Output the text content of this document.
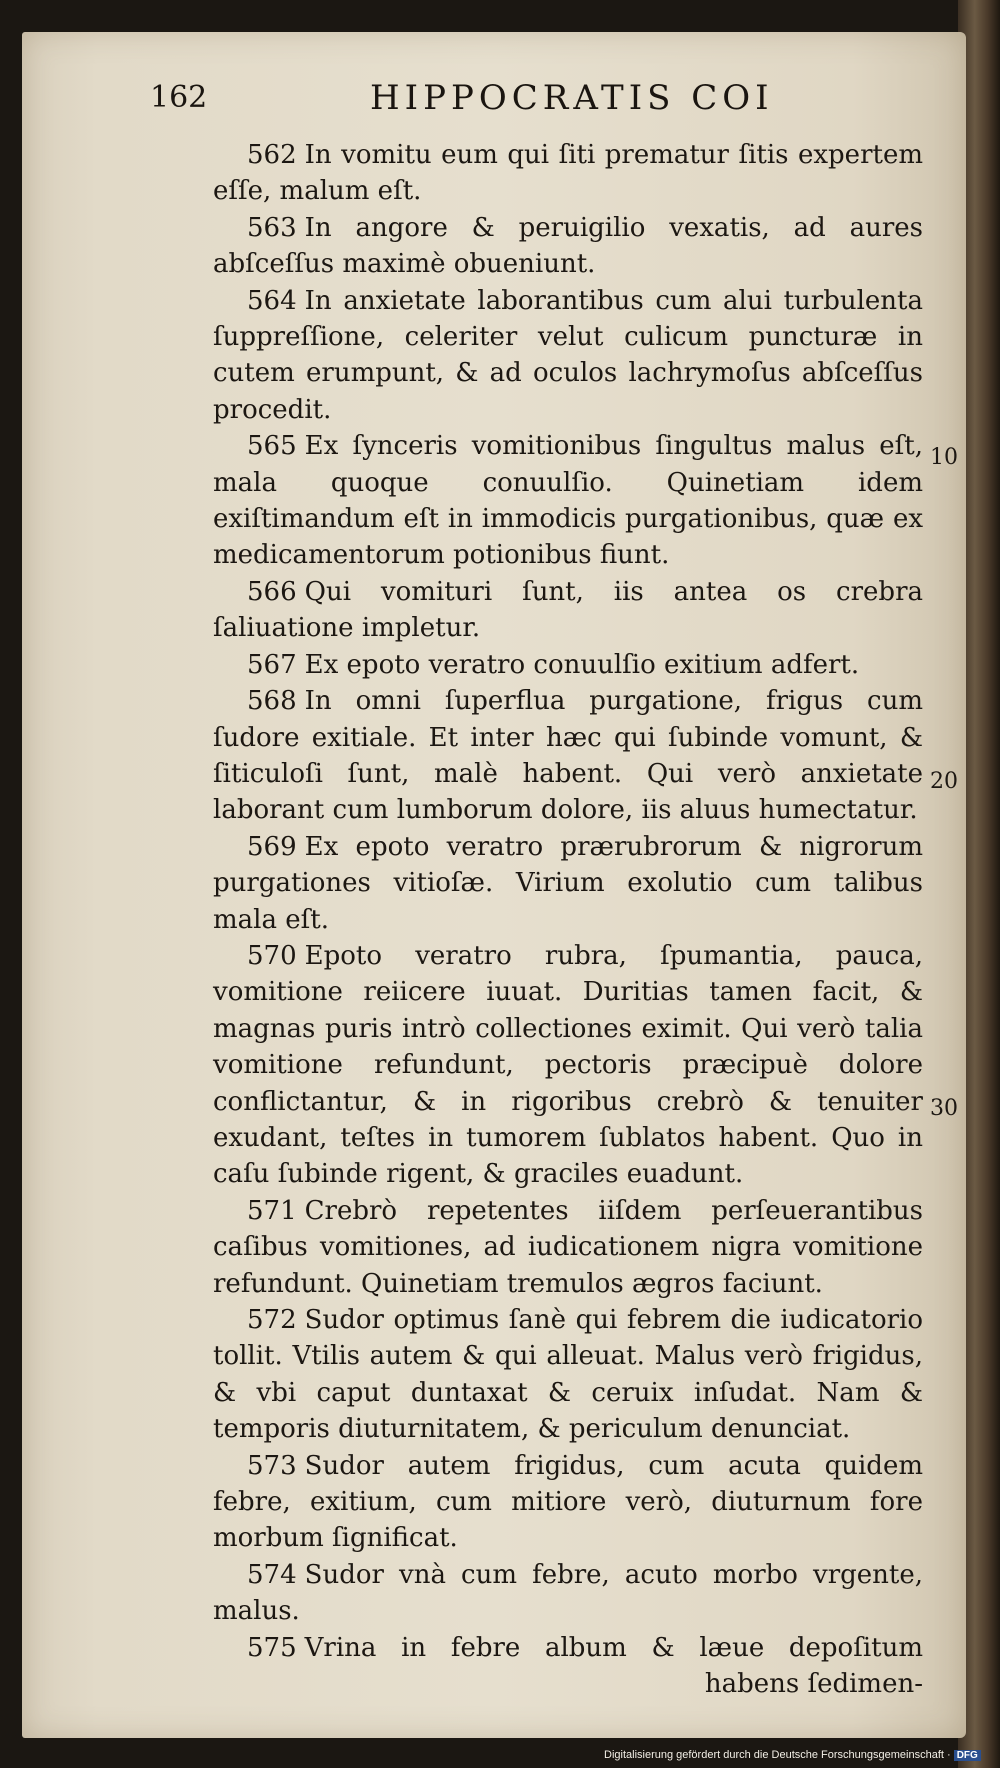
162	HIPPOCRATIS COI

562 In vomitu eum qui ſiti prematur ſitis expertem eſſe, malum eſt.

563 In angore & peruigilio vexatis, ad aures abſceſſus maximè obueniunt.

564 In anxietate laborantibus cum alui turbulenta ſuppreſſione, celeriter velut culicum puncturæ in cutem erumpunt, & ad oculos lachrymoſus abſceſſus procedit.

565 Ex ſynceris vomitionibus ſingultus malus eſt, mala quoque conuulſio. Quinetiam idem exiſtimandum eſt in immodicis purgationibus, quæ ex medicamentorum potionibus fiunt.

566 Qui vomituri ſunt, iis antea os crebra ſaliuatione impletur.

567 Ex epoto veratro conuulſio exitium adfert.

568 In omni ſuperflua purgatione, frigus cum ſudore exitiale. Et inter hæc qui ſubinde vomunt, & ſiticuloſi ſunt, malè habent. Qui verò anxietate laborant cum lumborum dolore, iis aluus humectatur.

569 Ex epoto veratro prærubrorum & nigrorum purgationes vitioſæ. Virium exolutio cum talibus mala eſt.

570 Epoto veratro rubra, ſpumantia, pauca, vomitione reiicere iuuat. Duritias tamen facit, & magnas puris intrò collectiones eximit. Qui verò talia vomitione refundunt, pectoris præcipuè dolore conflictantur, & in rigoribus crebrò & tenuiter exudant, teſtes in tumorem ſublatos habent. Quo in caſu ſubinde rigent, & graciles euadunt.

571 Crebrò repetentes iiſdem perſeuerantibus caſibus vomitiones, ad iudicationem nigra vomitione refundunt. Quinetiam tremulos ægros faciunt.

572 Sudor optimus ſanè qui febrem die iudicatorio tollit. Vtilis autem & qui alleuat. Malus verò frigidus, & vbi caput duntaxat & ceruix inſudat. Nam & temporis diuturnitatem, & periculum denunciat.

573 Sudor autem frigidus, cum acuta quidem febre, exitium, cum mitiore verò, diuturnum fore morbum ſignificat.

574 Sudor vnà cum febre, acuto morbo vrgente, malus.

575 Vrina in febre album & læue depoſitum habens ſedimen-

10
20
30
Digitalisierung gefördert durch die Deutsche Forschungsgemeinschaft · DFG
